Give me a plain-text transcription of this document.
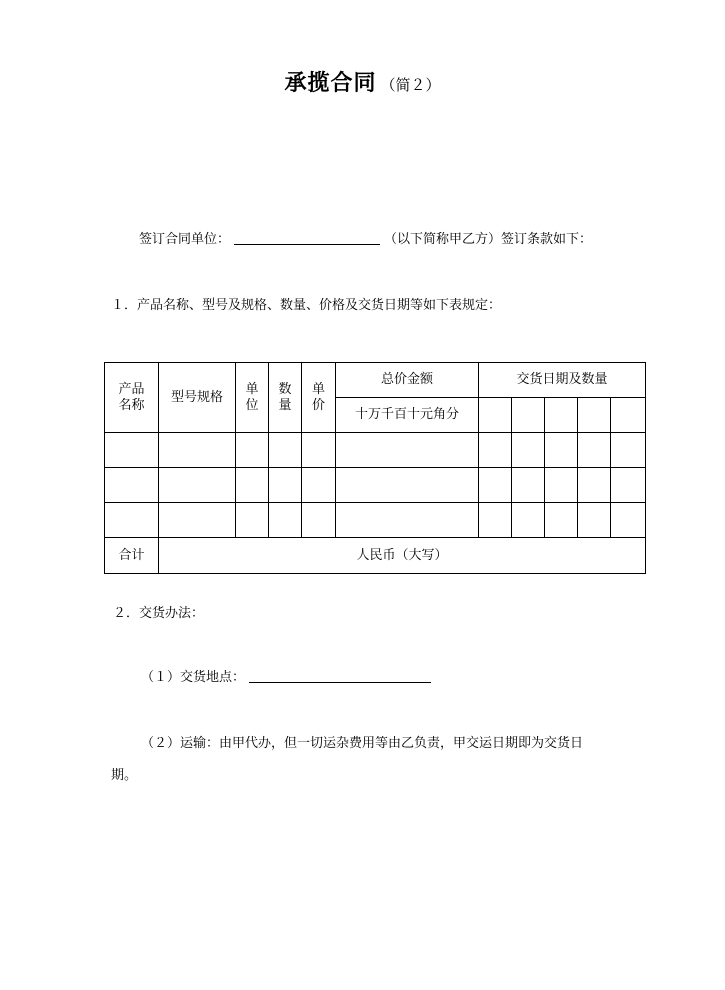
承揽合同 （简２）
签订合同单位：	（以下简称甲乙方）签订条款如下：
１．产品名称、型号及规格、数量、价格及交货日期等如下表规定：
产品名称	型号规格	单位	数量	单价	总价金额	交货日期及数量				
					十万千百十元角分					

合计	人民币（大写）									
２．交货办法：
（１）交货地点：
（２）运输：由甲代办，但一切运杂费用等由乙负责，甲交运日期即为交货日
期。
